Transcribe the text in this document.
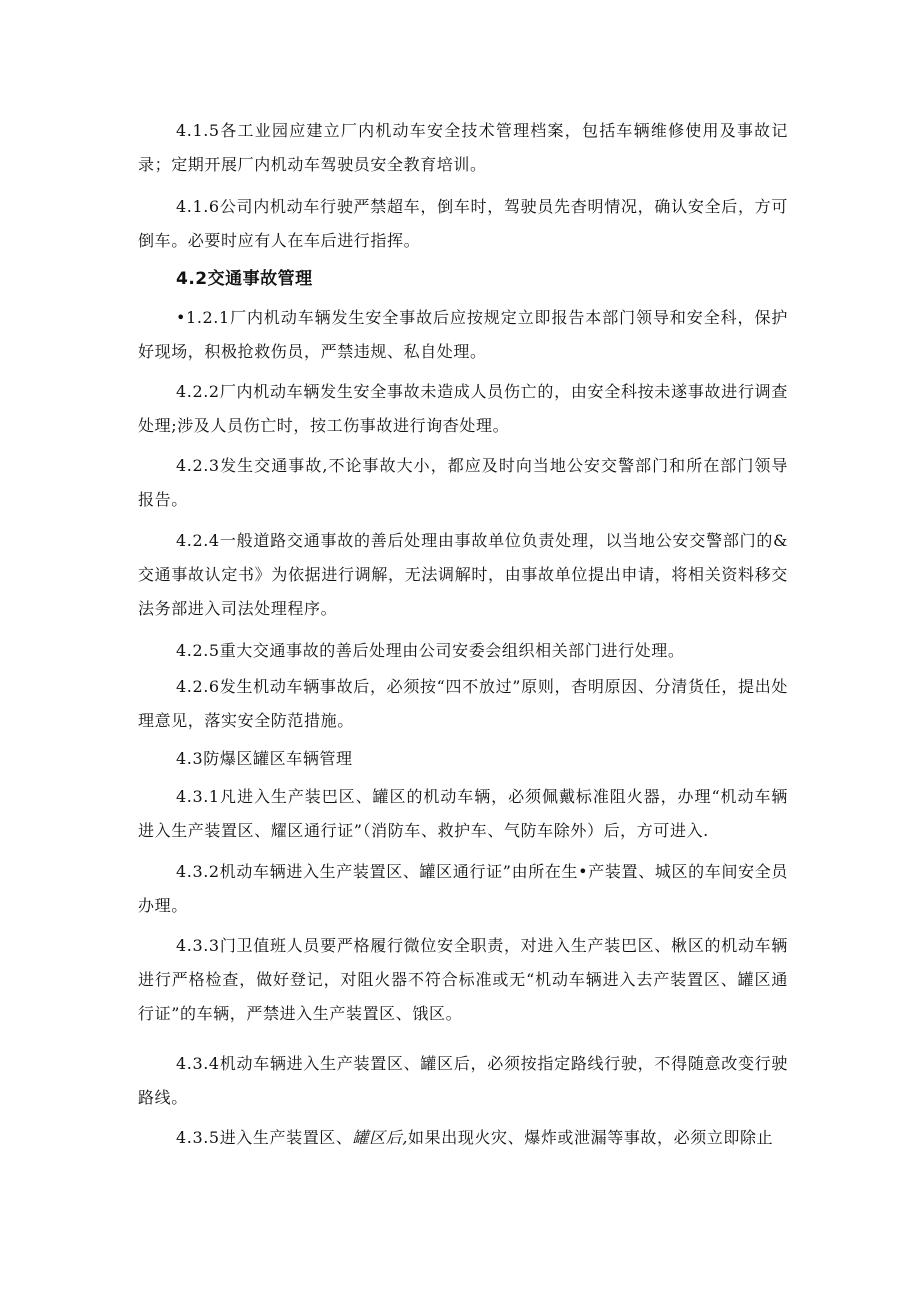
4.1.5各工业园应建立厂内机动车安全技术管理档案，包括车辆维修使用及事故记录；定期开展厂内机动车驾驶员安全教育培训。

4.1.6公司内机动车行驶严禁超车，倒车时，驾驶员先杳明情况，确认安全后，方可倒车。必要时应有人在车后进行指挥。

4.2交通事故管理

•1.2.1厂内机动车辆发生安全事故后应按规定立即报告本部门领导和安全科，保护好现场，积极抢救伤员，严禁违规、私自处理。

4.2.2厂内机动车辆发生安全事故未造成人员伤亡的，由安全科按未遂事故进行调查处理;涉及人员伤亡时，按工伤事故进行询杳处理。

4.2.3发生交通事故,不论事故大小，都应及时向当地公安交警部门和所在部门领导报告。

4.2.4一般道路交通事故的善后处理由事故单位负责处理，以当地公安交警部门的&交通事故认定书》为依据进行调解，无法调解时，由事故单位提出申请，将相关资料移交法务部进入司法处理程序。

4.2.5重大交通事故的善后处理由公司安委会组织相关部门进行处理。

4.2.6发生机动车辆事故后，必须按“四不放过”原则，杳明原因、分清货任，提出处理意见，落实安全防范措施。

4.3防爆区罐区车辆管理

4.3.1凡进入生产装巴区、罐区的机动车辆，必须佩戴标准阻火器，办理“机动车辆进入生产装置区、耀区通行证”（消防车、救护车、气防车除外）后，方可进入.

4.3.2机动车辆进入生产装置区、罐区通行证”由所在生•产装置、城区的车间安全员办理。

4.3.3门卫值班人员要严格履行微位安全职责，对进入生产装巴区、楸区的机动车辆进行严格检查，做好登记，对阻火器不符合标准或无“机动车辆进入去产装置区、罐区通行证”的车辆，严禁进入生产装置区、饿区。

4.3.4机动车辆进入生产装置区、罐区后，必须按指定路线行驶，不得随意改变行驶路线。

4.3.5进入生产装置区、罐区后,如果出现火灾、爆炸或泄漏等事故，必须立即除止
